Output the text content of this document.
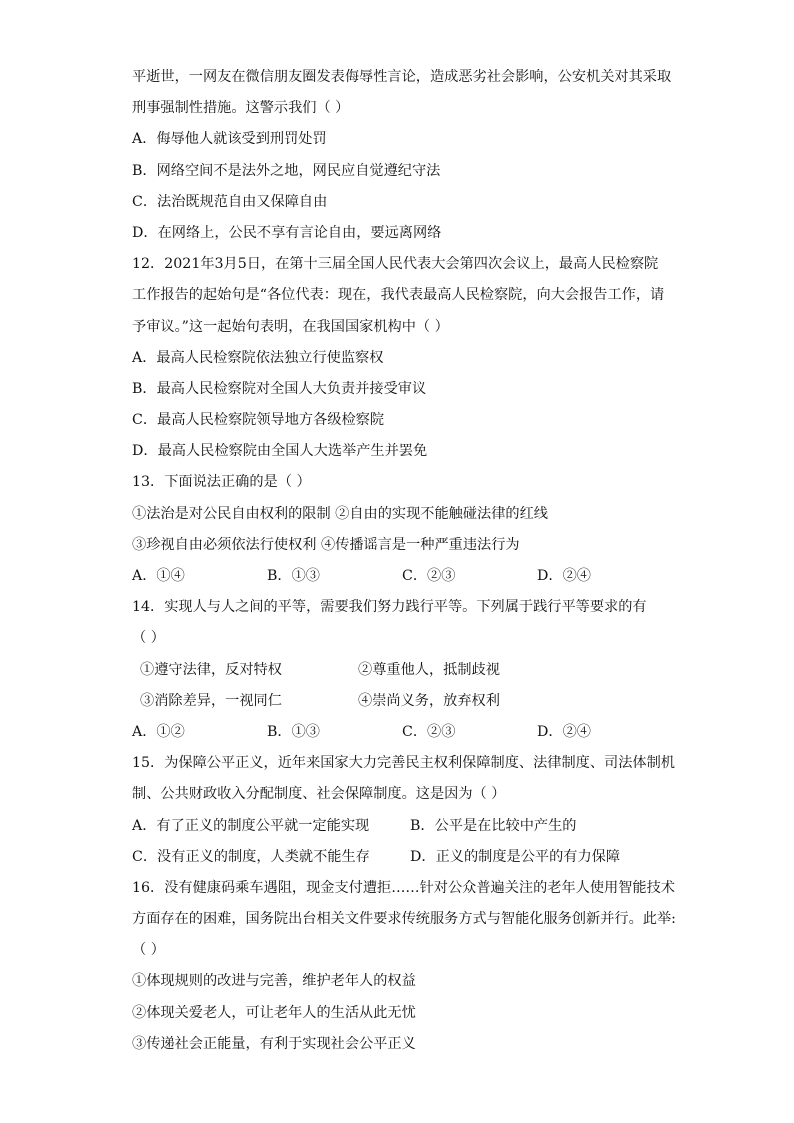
平逝世，一网友在微信朋友圈发表侮辱性言论，造成恶劣社会影响，公安机关对其采取
刑事强制性措施。这警示我们（ ）
A．侮辱他人就该受到刑罚处罚
B．网络空间不是法外之地，网民应自觉遵纪守法
C．法治既规范自由又保障自由
D．在网络上，公民不享有言论自由，要远离网络
12．2021年3月5日，在第十三届全国人民代表大会第四次会议上，最高人民检察院
工作报告的起始句是“各位代表：现在，我代表最高人民检察院，向大会报告工作，请
予审议。”这一起始句表明，在我国国家机构中（ ）
A．最高人民检察院依法独立行使监察权
B．最高人民检察院对全国人大负责并接受审议
C．最高人民检察院领导地方各级检察院
D．最高人民检察院由全国人大选举产生并罢免
13．下面说法正确的是（ ）
①法治是对公民自由权利的限制 ②自由的实现不能触碰法律的红线
③珍视自由必须依法行使权利 ④传播谣言是一种严重违法行为
A．①④	B．①③	C．②③	D．②④
14．实现人与人之间的平等，需要我们努力践行平等。下列属于践行平等要求的有
（ ）
①遵守法律，反对特权	②尊重他人，抵制歧视
③消除差异，一视同仁	④崇尚义务，放弃权利
A．①②	B．①③	C．②③	D．②④
15．为保障公平正义，近年来国家大力完善民主权利保障制度、法律制度、司法体制机
制、公共财政收入分配制度、社会保障制度。这是因为（ ）
A．有了正义的制度公平就一定能实现	B．公平是在比较中产生的
C．没有正义的制度，人类就不能生存	D．正义的制度是公平的有力保障
16．没有健康码乘车遇阻，现金支付遭拒……针对公众普遍关注的老年人使用智能技术
方面存在的困难，国务院出台相关文件要求传统服务方式与智能化服务创新并行。此举:
（ ）
①体现规则的改进与完善，维护老年人的权益
②体现关爱老人，可让老年人的生活从此无忧
③传递社会正能量，有利于实现社会公平正义
